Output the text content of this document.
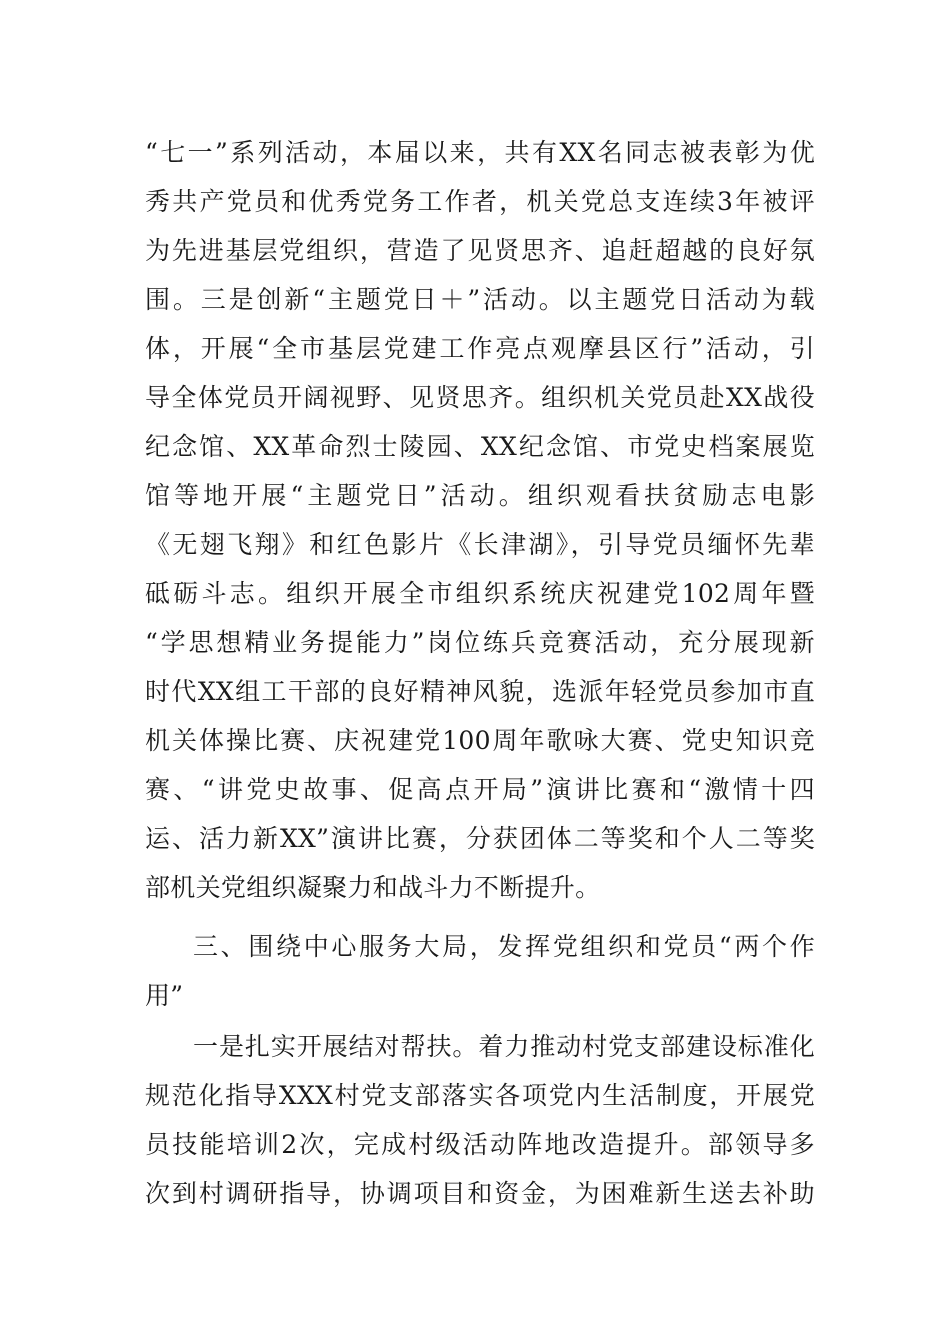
“七一”系列活动，本届以来，共有XX名同志被表彰为优
秀共产党员和优秀党务工作者，机关党总支连续3年被评
为先进基层党组织，营造了见贤思齐、追赶超越的良好氛
围。三是创新“主题党日＋”活动。以主题党日活动为载
体，开展“全市基层党建工作亮点观摩县区行”活动，引
导全体党员开阔视野、见贤思齐。组织机关党员赴XX战役
纪念馆、XX革命烈士陵园、XX纪念馆、市党史档案展览
馆等地开展“主题党日”活动。组织观看扶贫励志电影
《无翅飞翔》和红色影片《长津湖》，引导党员缅怀先辈
砥砺斗志。组织开展全市组织系统庆祝建党102周年暨
“学思想精业务提能力”岗位练兵竞赛活动，充分展现新
时代XX组工干部的良好精神风貌，选派年轻党员参加市直
机关体操比赛、庆祝建党100周年歌咏大赛、党史知识竞
赛、“讲党史故事、促高点开局”演讲比赛和“激情十四
运、活力新XX”演讲比赛，分获团体二等奖和个人二等奖
部机关党组织凝聚力和战斗力不断提升。
三、围绕中心服务大局，发挥党组织和党员“两个作
用”
一是扎实开展结对帮扶。着力推动村党支部建设标准化
规范化指导XXX村党支部落实各项党内生活制度，开展党
员技能培训2次，完成村级活动阵地改造提升。部领导多
次到村调研指导，协调项目和资金，为困难新生送去补助
